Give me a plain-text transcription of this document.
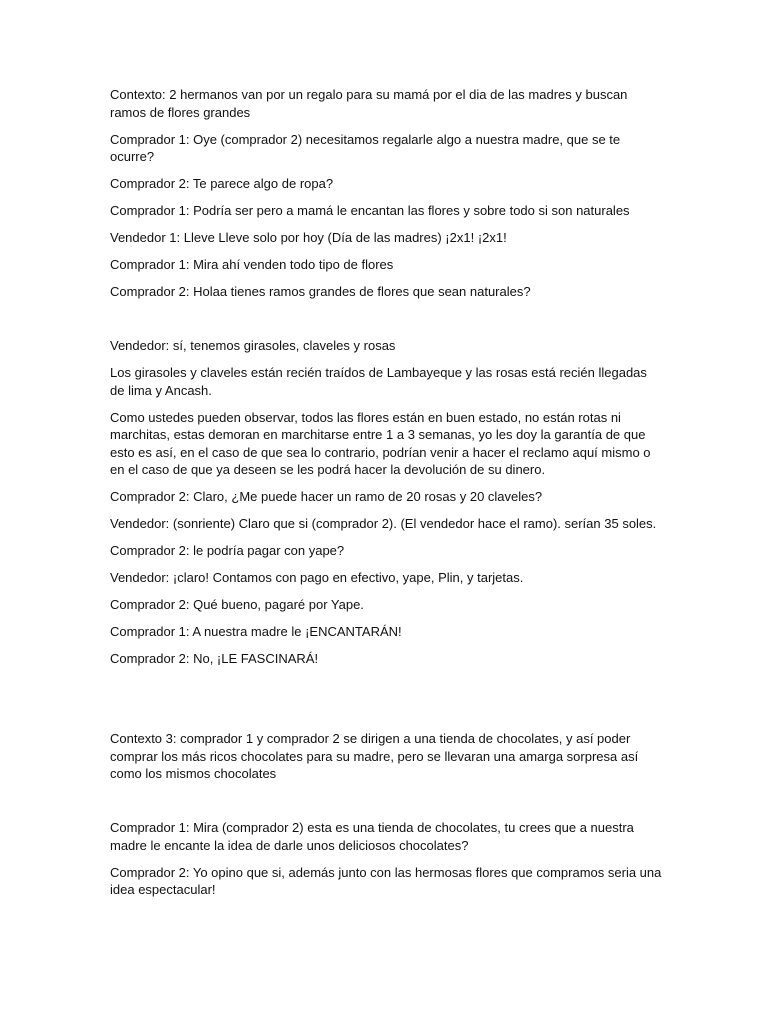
Contexto: 2 hermanos van por un regalo para su mamá por el dia de las madres y buscan ramos de flores grandes

Comprador 1: Oye (comprador 2) necesitamos regalarle algo a nuestra madre, que se te ocurre?

Comprador 2: Te parece algo de ropa?

Comprador 1: Podría ser pero a mamá le encantan las flores y sobre todo si son naturales

Vendedor 1: Lleve Lleve solo por hoy (Día de las madres) ¡2x1! ¡2x1!

Comprador 1: Mira ahí venden todo tipo de flores

Comprador 2: Holaa tienes ramos grandes de flores que sean naturales?

Vendedor: sí, tenemos girasoles, claveles y rosas

Los girasoles y claveles están recién traídos de Lambayeque y las rosas está recién llegadas de lima y Ancash.

Como ustedes pueden observar, todos las flores están en buen estado, no están rotas ni marchitas, estas demoran en marchitarse entre 1 a 3 semanas, yo les doy la garantía de que esto es así, en el caso de que sea lo contrario, podrían venir a hacer el reclamo aquí mismo o en el caso de que ya deseen se les podrá hacer la devolución de su dinero.

Comprador 2: Claro, ¿Me puede hacer un ramo de 20 rosas y 20 claveles?

Vendedor: (sonriente) Claro que si (comprador 2). (El vendedor hace el ramo). serían 35 soles.

Comprador 2: le podría pagar con yape?

Vendedor: ¡claro! Contamos con pago en efectivo, yape, Plin, y tarjetas.

Comprador 2: Qué bueno, pagaré por Yape.

Comprador 1: A nuestra madre le ¡ENCANTARÁN!

Comprador 2: No, ¡LE FASCINARÁ!

Contexto 3: comprador 1 y comprador 2 se dirigen a una tienda de chocolates, y así poder comprar los más ricos chocolates para su madre, pero se llevaran una amarga sorpresa así como los mismos chocolates

Comprador 1: Mira (comprador 2) esta es una tienda de chocolates, tu crees que a nuestra madre le encante la idea de darle unos deliciosos chocolates?

Comprador 2: Yo opino que si, además junto con las hermosas flores que compramos seria una idea espectacular!
